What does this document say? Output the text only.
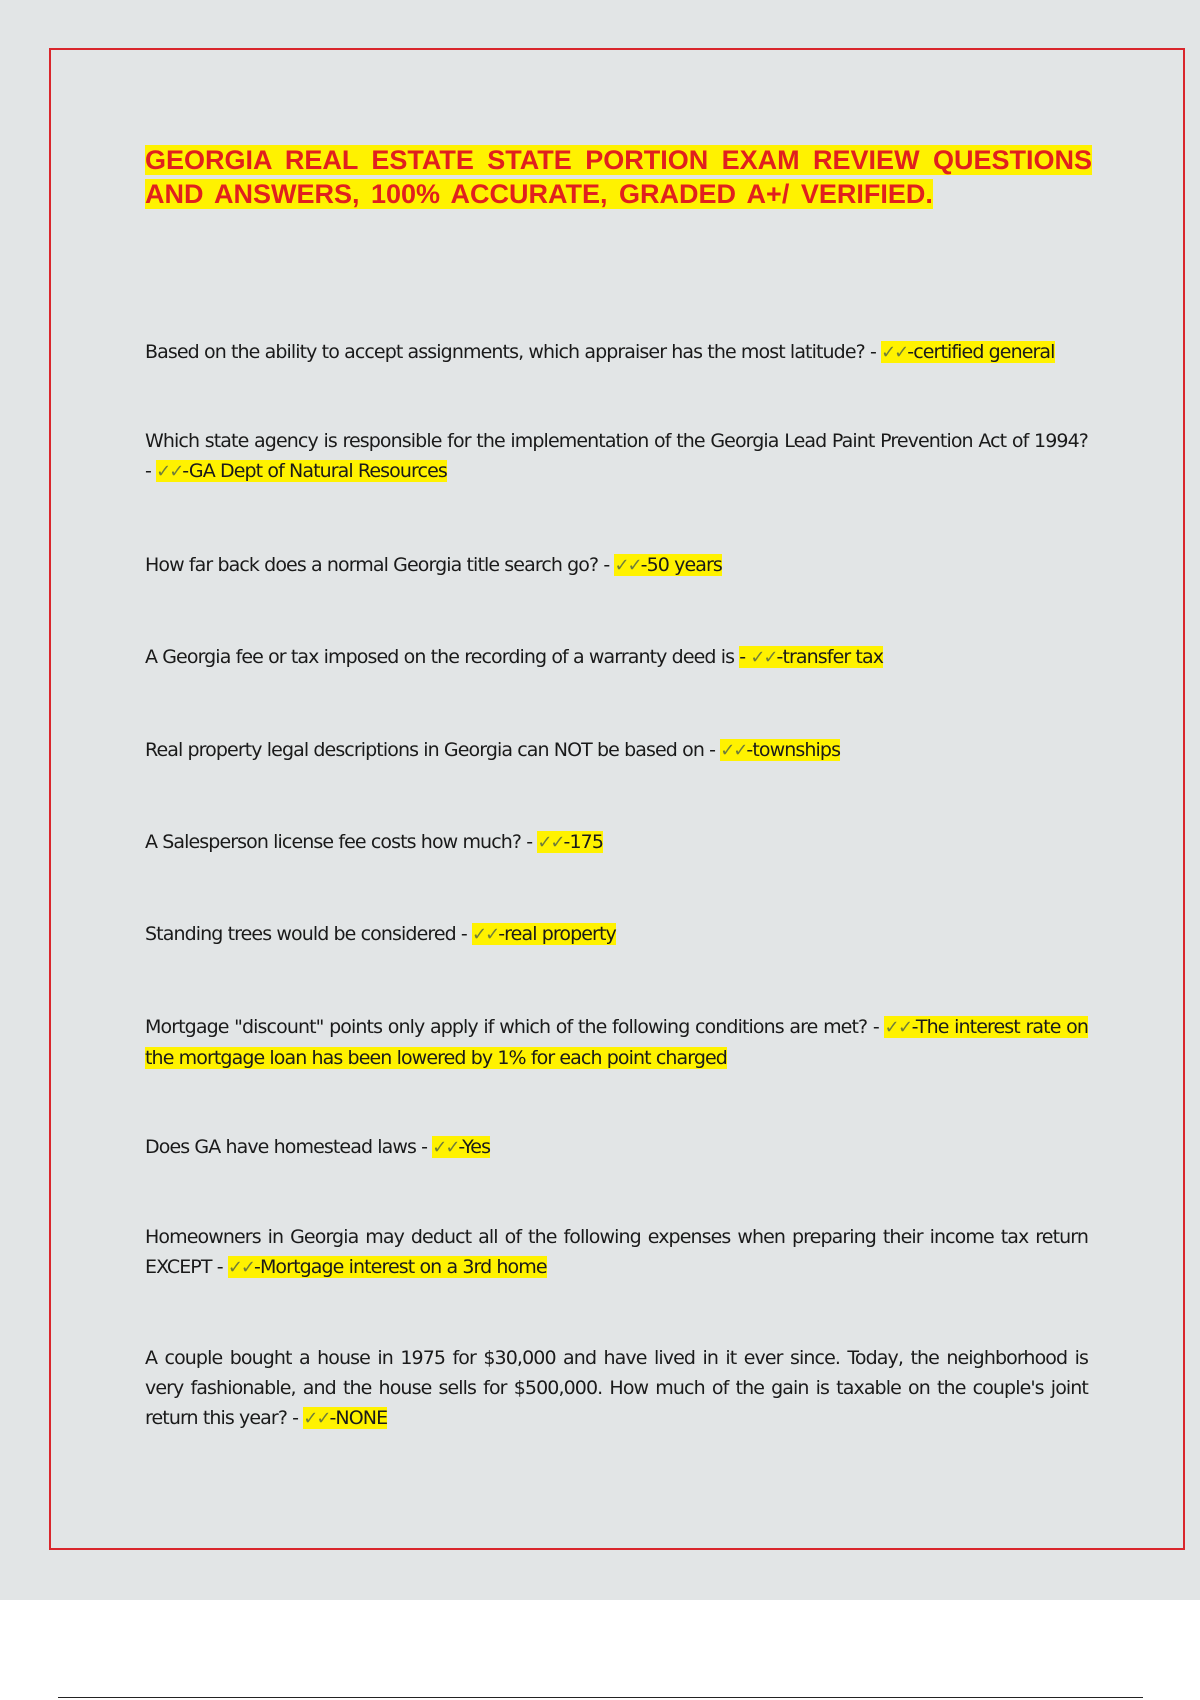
GEORGIA REAL ESTATE STATE PORTION EXAM REVIEW QUESTIONS AND ANSWERS, 100% ACCURATE, GRADED A+/ VERIFIED.

Based on the ability to accept assignments, which appraiser has the most latitude? - ✓✓-certified general

Which state agency is responsible for the implementation of the Georgia Lead Paint Prevention Act of 1994? - ✓✓-GA Dept of Natural Resources

How far back does a normal Georgia title search go? - ✓✓-50 years

A Georgia fee or tax imposed on the recording of a warranty deed is - ✓✓-transfer tax

Real property legal descriptions in Georgia can NOT be based on - ✓✓-townships

A Salesperson license fee costs how much? - ✓✓-175

Standing trees would be considered - ✓✓-real property

Mortgage "discount" points only apply if which of the following conditions are met? - ✓✓-The interest rate on the mortgage loan has been lowered by 1% for each point charged

Does GA have homestead laws - ✓✓-Yes

Homeowners in Georgia may deduct all of the following expenses when preparing their income tax return EXCEPT - ✓✓-Mortgage interest on a 3rd home

A couple bought a house in 1975 for $30,000 and have lived in it ever since. Today, the neighborhood is very fashionable, and the house sells for $500,000. How much of the gain is taxable on the couple's joint return this year? - ✓✓-NONE
